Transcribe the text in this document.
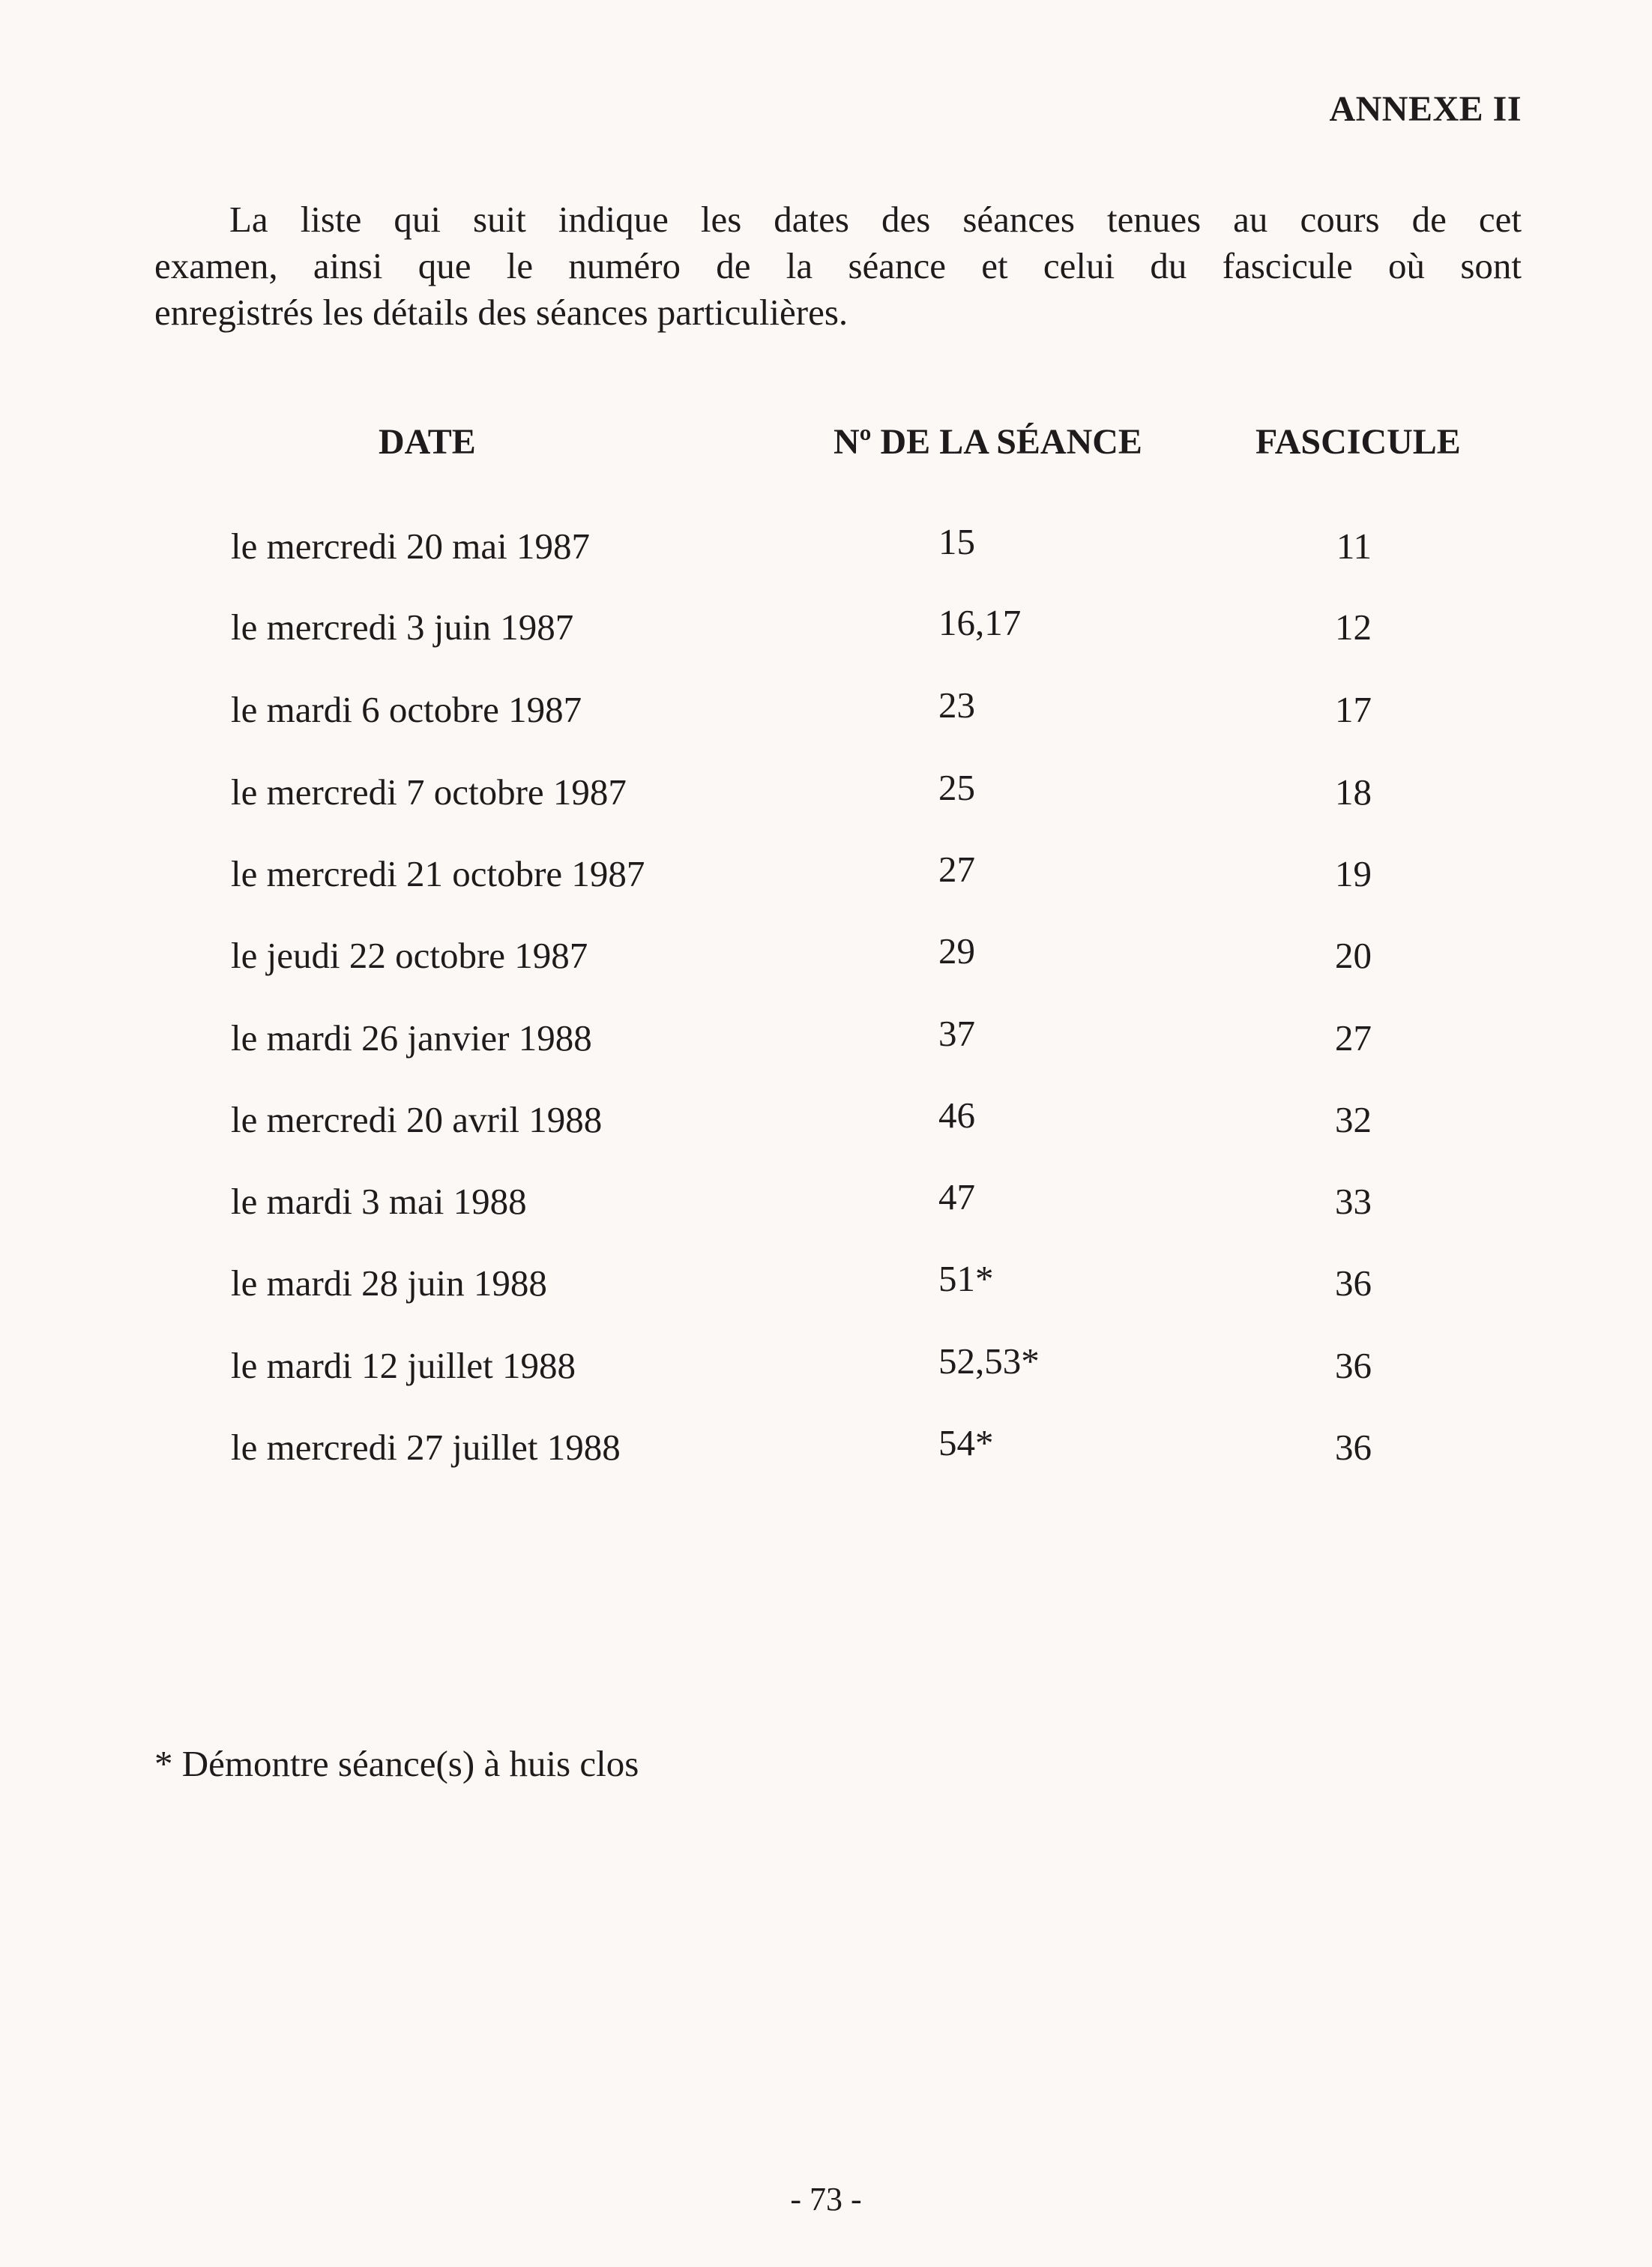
ANNEXE II
La liste qui suit indique les dates des séances tenues au cours de cet
examen, ainsi que le numéro de la séance et celui du fascicule où sont
enregistrés les détails des séances particulières.
DATE	Nº DE LA SÉANCE	FASCICULE
le mercredi 20 mai 1987	15	11
le mercredi 3 juin 1987	16,17	12
le mardi 6 octobre 1987	23	17
le mercredi 7 octobre 1987	25	18
le mercredi 21 octobre 1987	27	19
le jeudi 22 octobre 1987	29	20
le mardi 26 janvier 1988	37	27
le mercredi 20 avril 1988	46	32
le mardi 3 mai 1988	47	33
le mardi 28 juin 1988	51*	36
le mardi 12 juillet 1988	52,53*	36
le mercredi 27 juillet 1988	54*	36
* Démontre séance(s) à huis clos
- 73 -
